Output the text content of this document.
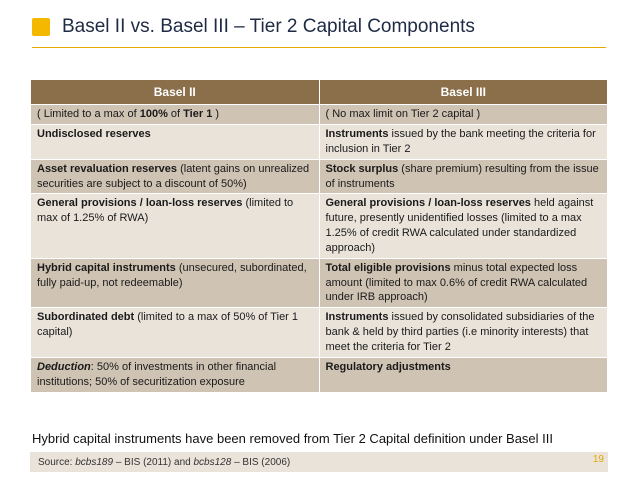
Basel II vs. Basel III – Tier 2 Capital Components
Basel II	Basel III
( Limited to a max of 100% of Tier 1 )	( No max limit on Tier 2 capital )
Undisclosed reserves	Instruments issued by the bank meeting the criteria for inclusion in Tier 2
Asset revaluation reserves (latent gains on unrealized securities are subject to a discount of 50%)	Stock surplus (share premium) resulting from the issue of instruments
General provisions / loan-loss reserves (limited to max of 1.25% of RWA)	General provisions / loan-loss reserves held against future, presently unidentified losses (limited to a max 1.25% of credit RWA calculated under standardized approach)
Hybrid capital instruments (unsecured, subordinated, fully paid-up, not redeemable)	Total eligible provisions minus total expected loss amount (limited to max 0.6% of credit RWA calculated under IRB approach)
Subordinated debt (limited to a max of 50% of Tier 1 capital)	Instruments issued by consolidated subsidiaries of the bank & held by third parties (i.e minority interests) that meet the criteria for Tier 2
Deduction: 50% of investments in other financial institutions; 50% of securitization exposure	Regulatory adjustments
Hybrid capital instruments have been removed from Tier 2 Capital definition under Basel III
Source: bcbs189 – BIS (2011) and bcbs128 – BIS (2006)	19
